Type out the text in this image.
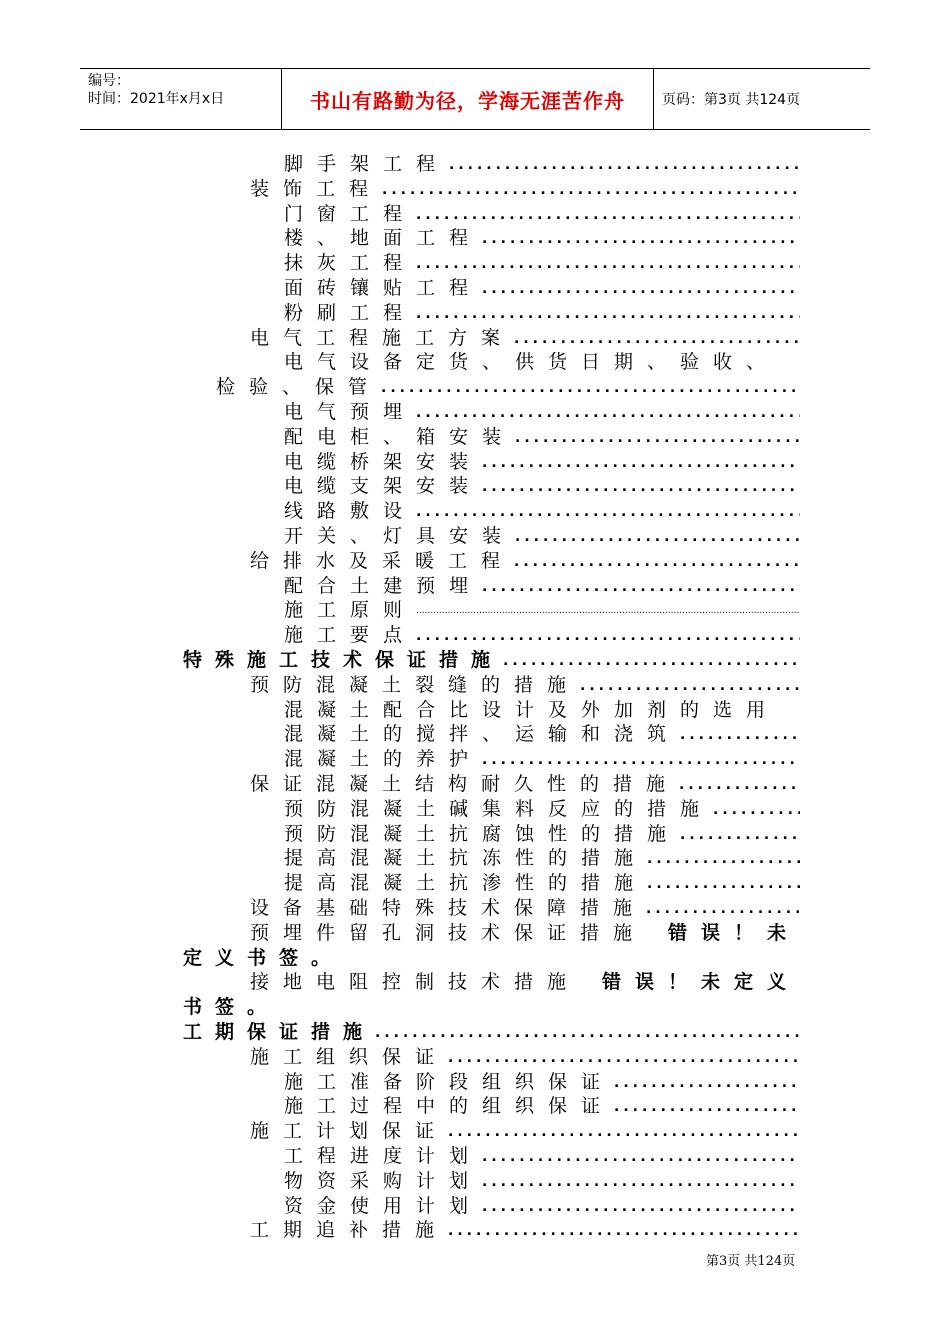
编号：
时间：2021年x月x日	书山有路勤为径，学海无涯苦作舟	页码：第3页 共124页
脚手架工程
.....
装饰工程
.....
门窗工程
.....
楼、地面工程
.....
抹灰工程
.....
面砖镶贴工程
.....
粉刷工程
.....
电气工程施工方案
.....
电气设备定货、供货日期、验收、
检验、保管
.....
电气预埋
.....
配电柜、箱安装
.....
电缆桥架安装
.....
电缆支架安装
.....
线路敷设
.....
开关、灯具安装
.....
给排水及采暖工程
.....
配合土建预埋
.....
施工原则
.....
施工要点
.....
特殊施工技术保证措施
.....
预防混凝土裂缝的措施
.....
混凝土配合比设计及外加剂的选用
混凝土的搅拌、运输和浇筑
.....
混凝土的养护
.....
保证混凝土结构耐久性的措施
.....
预防混凝土碱集料反应的措施
.....
预防混凝土抗腐蚀性的措施
.....
提高混凝土抗冻性的措施
.....
提高混凝土抗渗性的措施
.....
设备基础特殊技术保障措施
.....
预埋件留孔洞技术保证措施 错误！未
定义书签。
接地电阻控制技术措施 错误！未定义
书签。
工期保证措施
.....
施工组织保证
.....
施工准备阶段组织保证
.....
施工过程中的组织保证
.....
施工计划保证
.....
工程进度计划
.....
物资采购计划
.....
资金使用计划
.....
工期追补措施
.....
第3页 共124页
